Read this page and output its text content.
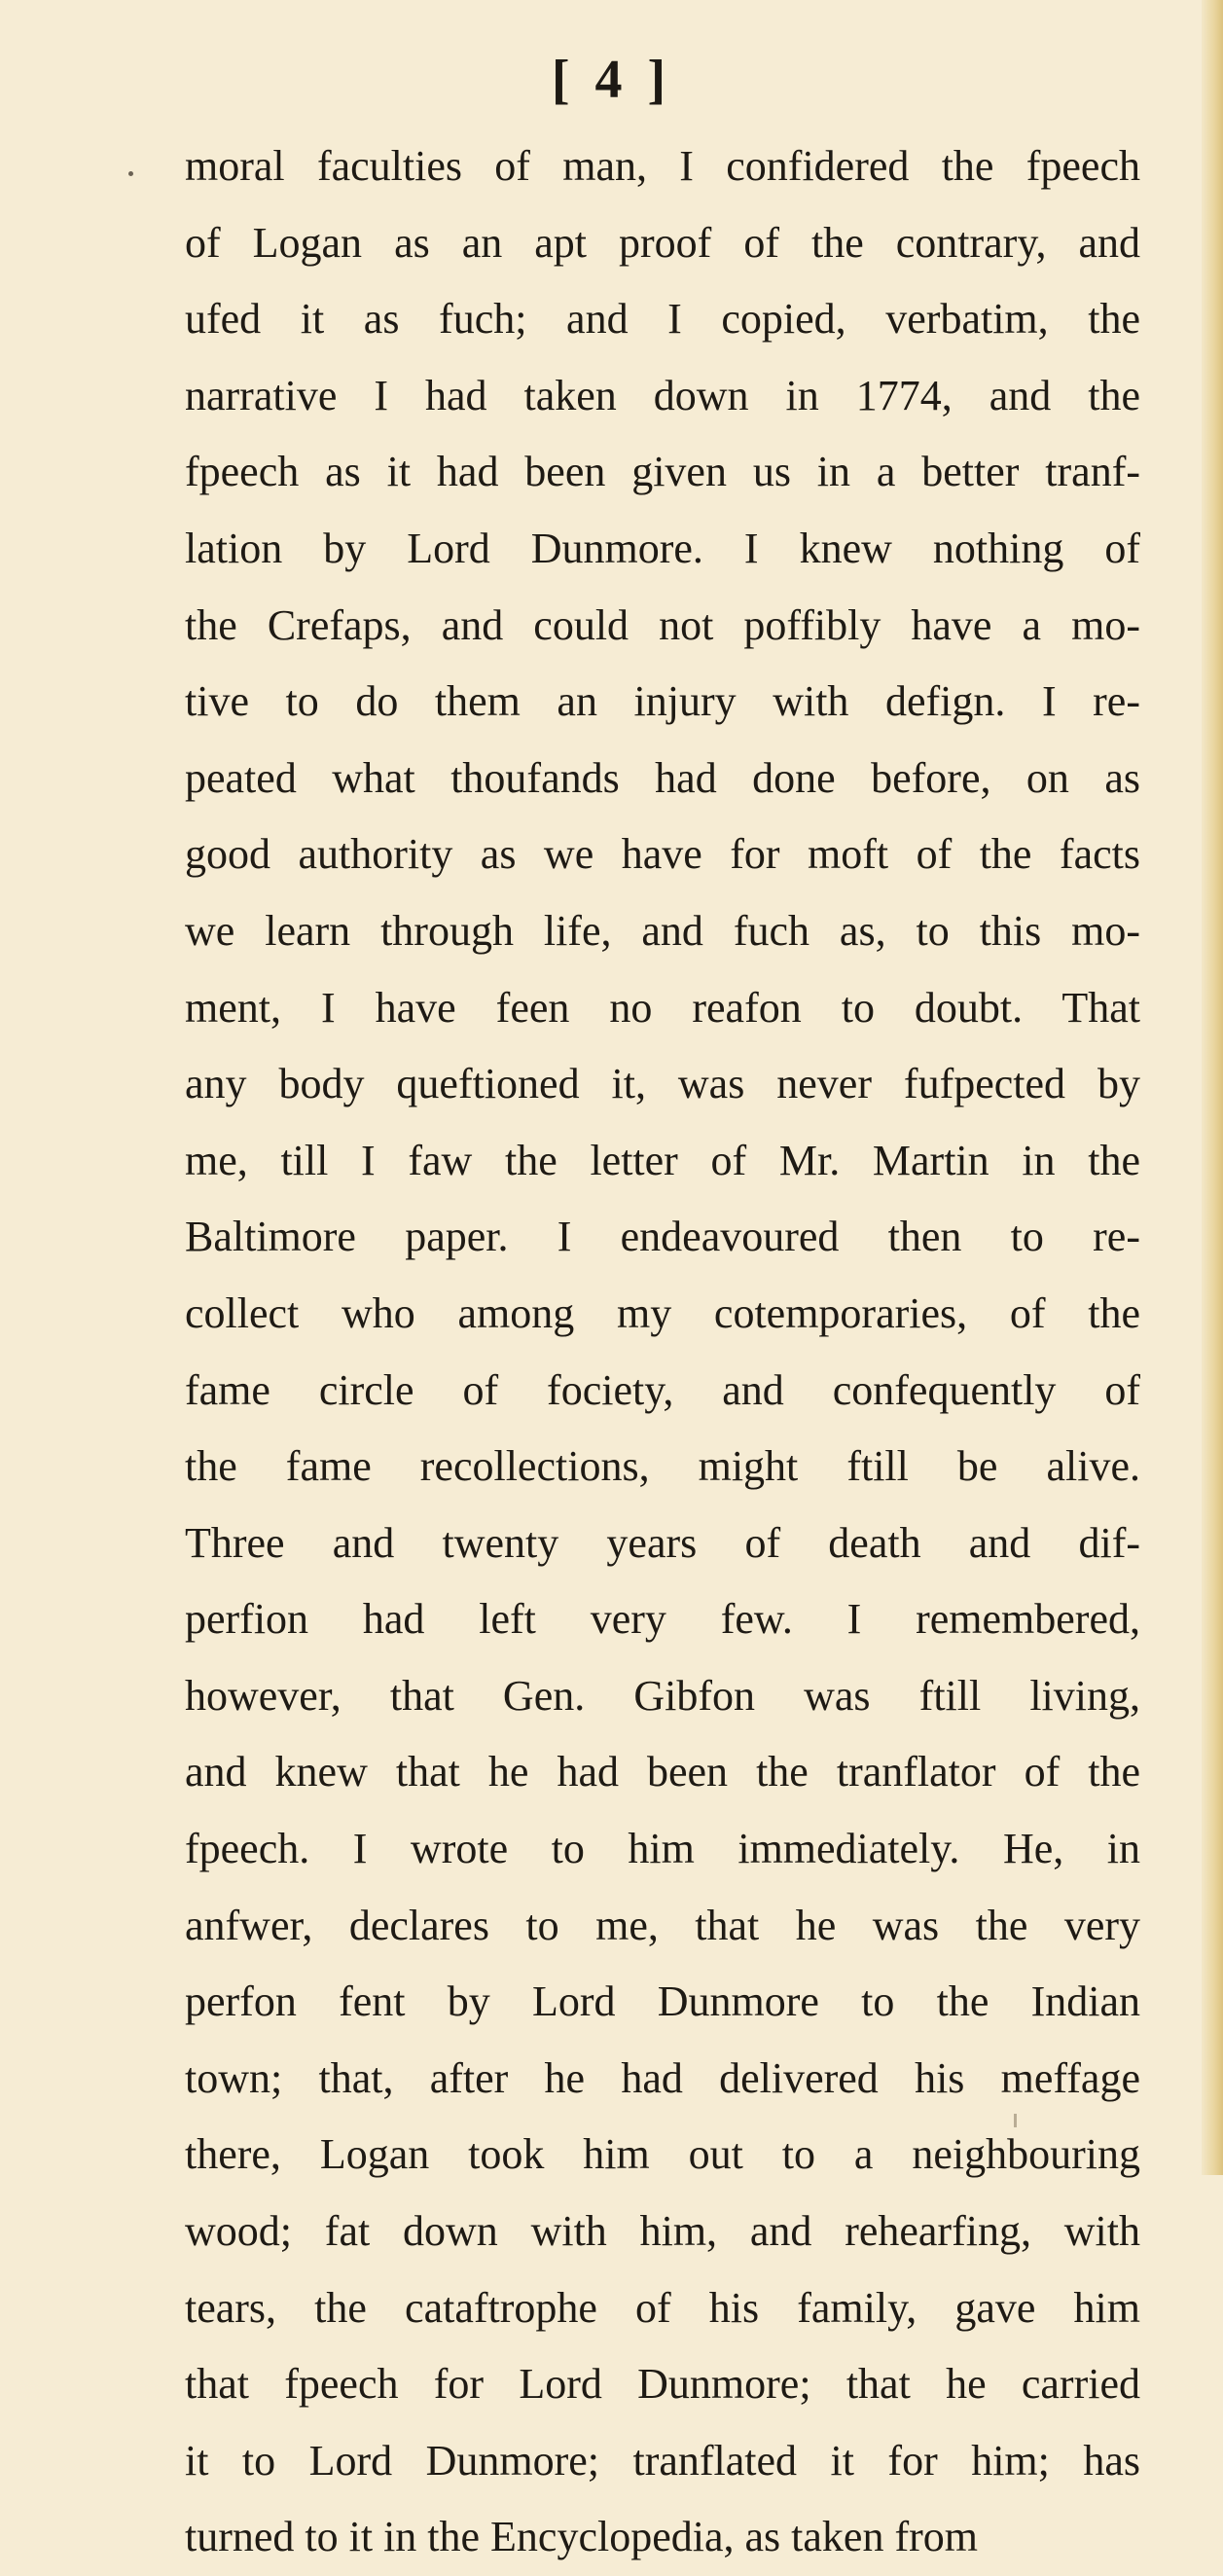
[ 4 ]
moral faculties of man, I confidered the fpeech
of Logan as an apt proof of the contrary, and
ufed it as fuch; and I copied, verbatim, the
narrative I had taken down in 1774, and the
fpeech as it had been given us in a better tranf-
lation by Lord Dunmore. I knew nothing of
the Crefaps, and could not poffibly have a mo-
tive to do them an injury with defign. I re-
peated what thoufands had done before, on as
good authority as we have for moft of the facts
we learn through life, and fuch as, to this mo-
ment, I have feen no reafon to doubt. That
any body queftioned it, was never fufpected by
me, till I faw the letter of Mr. Martin in the
Baltimore paper. I endeavoured then to re-
collect who among my cotemporaries, of the
fame circle of fociety, and confequently of
the fame recollections, might ftill be alive.
Three and twenty years of death and dif-
perfion had left very few. I remembered,
however, that Gen. Gibfon was ftill living,
and knew that he had been the tranflator of the
fpeech. I wrote to him immediately. He, in
anfwer, declares to me, that he was the very
perfon fent by Lord Dunmore to the Indian
town; that, after he had delivered his meffage
there, Logan took him out to a neighbouring
wood; fat down with him, and rehearfing, with
tears, the cataftrophe of his family, gave him
that fpeech for Lord Dunmore; that he carried
it to Lord Dunmore; tranflated it for him; has
turned to it in the Encyclopedia, as taken from
